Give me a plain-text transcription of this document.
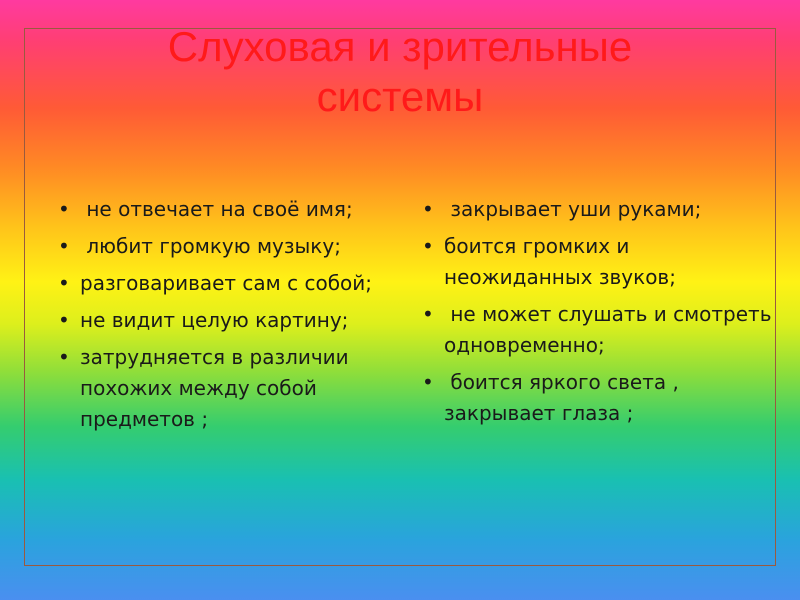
Слуховая и зрительные
системы
• не отвечает на своё имя;
• любит громкую музыку;
• разговаривает сам с собой;
• не видит целую картину;
• затрудняется в различии похожих между собой предметов ;
• закрывает уши руками;
• боится громких и неожиданных звуков;
• не может слушать и смотреть одновременно;
• боится яркого света , закрывает глаза ;
